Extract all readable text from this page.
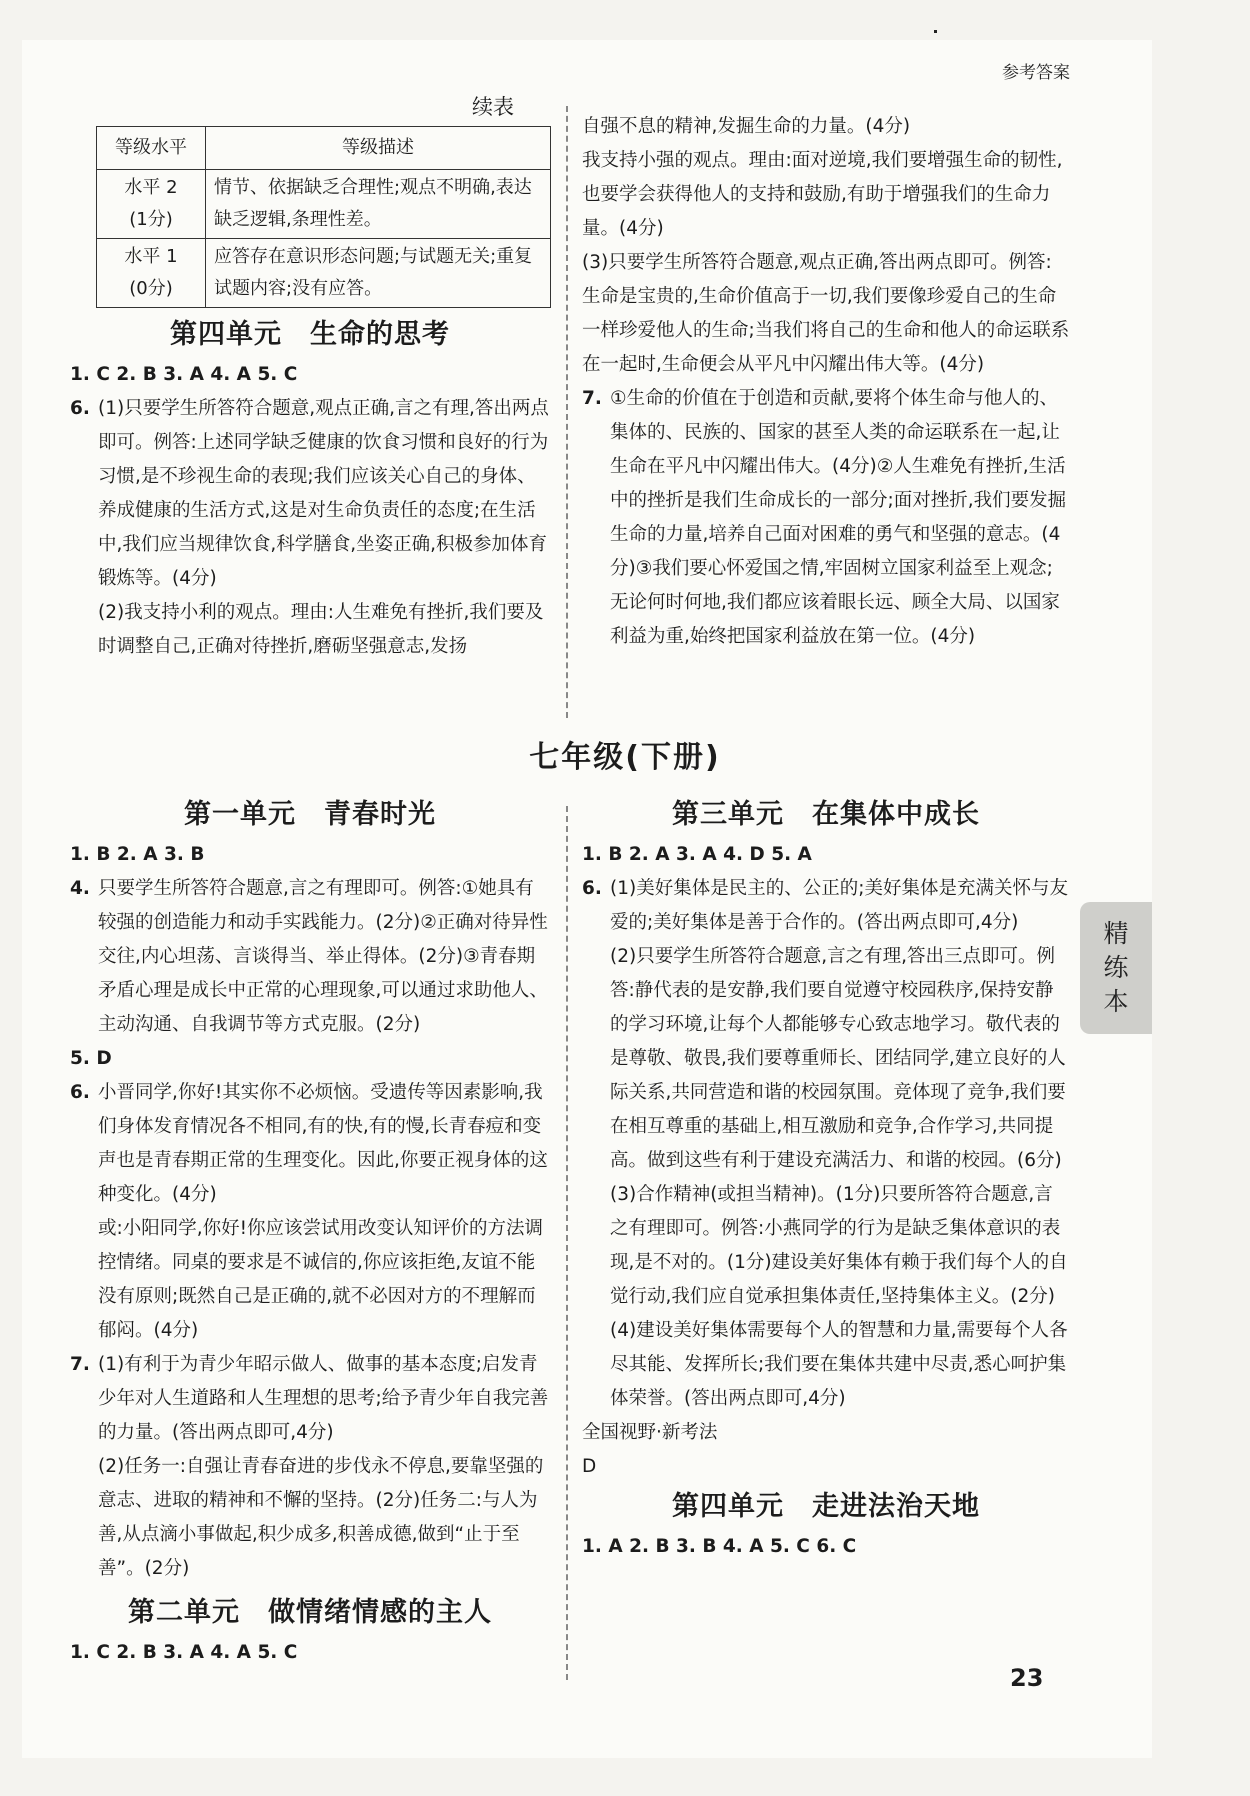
参考答案
续表
等级水平	等级描述
水平 2
(1分)	情节、依据缺乏合理性;观点不明确,表达缺乏逻辑,条理性差。
水平 1
(0分)	应答存在意识形态问题;与试题无关;重复试题内容;没有应答。
第四单元　生命的思考

1. C 2. B 3. A 4. A 5. C

6. (1)只要学生所答符合题意,观点正确,言之有理,答出两点即可。例答:上述同学缺乏健康的饮食习惯和良好的行为习惯,是不珍视生命的表现;我们应该关心自己的身体、养成健康的生活方式,这是对生命负责任的态度;在生活中,我们应当规律饮食,科学膳食,坐姿正确,积极参加体育锻炼等。(4分)

(2)我支持小利的观点。理由:人生难免有挫折,我们要及时调整自己,正确对待挫折,磨砺坚强意志,发扬

自强不息的精神,发掘生命的力量。(4分)

我支持小强的观点。理由:面对逆境,我们要增强生命的韧性,也要学会获得他人的支持和鼓励,有助于增强我们的生命力量。(4分)

(3)只要学生所答符合题意,观点正确,答出两点即可。例答:生命是宝贵的,生命价值高于一切,我们要像珍爱自己的生命一样珍爱他人的生命;当我们将自己的生命和他人的命运联系在一起时,生命便会从平凡中闪耀出伟大等。(4分)

7. ①生命的价值在于创造和贡献,要将个体生命与他人的、集体的、民族的、国家的甚至人类的命运联系在一起,让生命在平凡中闪耀出伟大。(4分)②人生难免有挫折,生活中的挫折是我们生命成长的一部分;面对挫折,我们要发掘生命的力量,培养自己面对困难的勇气和坚强的意志。(4分)③我们要心怀爱国之情,牢固树立国家利益至上观念;无论何时何地,我们都应该着眼长远、顾全大局、以国家利益为重,始终把国家利益放在第一位。(4分)

七年级(下册)
第一单元　青春时光

1. B 2. A 3. B

4. 只要学生所答符合题意,言之有理即可。例答:①她具有较强的创造能力和动手实践能力。(2分)②正确对待异性交往,内心坦荡、言谈得当、举止得体。(2分)③青春期矛盾心理是成长中正常的心理现象,可以通过求助他人、主动沟通、自我调节等方式克服。(2分)

5. D

6. 小晋同学,你好!其实你不必烦恼。受遗传等因素影响,我们身体发育情况各不相同,有的快,有的慢,长青春痘和变声也是青春期正常的生理变化。因此,你要正视身体的这种变化。(4分)

或:小阳同学,你好!你应该尝试用改变认知评价的方法调控情绪。同桌的要求是不诚信的,你应该拒绝,友谊不能没有原则;既然自己是正确的,就不必因对方的不理解而郁闷。(4分)

7. (1)有利于为青少年昭示做人、做事的基本态度;启发青少年对人生道路和人生理想的思考;给予青少年自我完善的力量。(答出两点即可,4分)

(2)任务一:自强让青春奋进的步伐永不停息,要靠坚强的意志、进取的精神和不懈的坚持。(2分)任务二:与人为善,从点滴小事做起,积少成多,积善成德,做到“止于至善”。(2分)

第二单元　做情绪情感的主人

1. C 2. B 3. A 4. A 5. C

第三单元　在集体中成长

1. B 2. A 3. A 4. D 5. A

6. (1)美好集体是民主的、公正的;美好集体是充满关怀与友爱的;美好集体是善于合作的。(答出两点即可,4分)

(2)只要学生所答符合题意,言之有理,答出三点即可。例答:静代表的是安静,我们要自觉遵守校园秩序,保持安静的学习环境,让每个人都能够专心致志地学习。敬代表的是尊敬、敬畏,我们要尊重师长、团结同学,建立良好的人际关系,共同营造和谐的校园氛围。竞体现了竞争,我们要在相互尊重的基础上,相互激励和竞争,合作学习,共同提高。做到这些有利于建设充满活力、和谐的校园。(6分)

(3)合作精神(或担当精神)。(1分)只要所答符合题意,言之有理即可。例答:小燕同学的行为是缺乏集体意识的表现,是不对的。(1分)建设美好集体有赖于我们每个人的自觉行动,我们应自觉承担集体责任,坚持集体主义。(2分)

(4)建设美好集体需要每个人的智慧和力量,需要每个人各尽其能、发挥所长;我们要在集体共建中尽责,悉心呵护集体荣誉。(答出两点即可,4分)

全国视野·新考法

D

第四单元　走进法治天地

1. A 2. B 3. B 4. A 5. C 6. C

精
练
本
23
